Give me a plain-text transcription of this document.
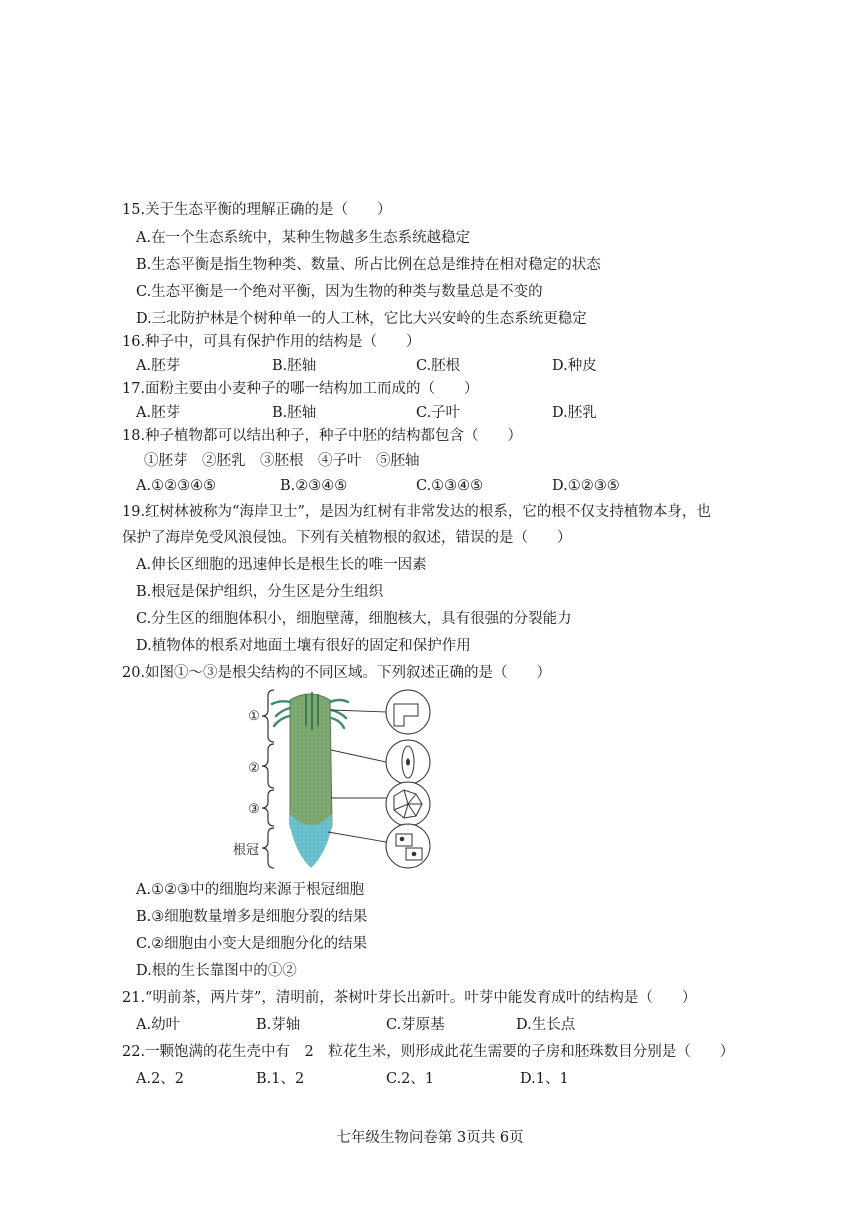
15.关于生态平衡的理解正确的是（　　）
A.在一个生态系统中，某种生物越多生态系统越稳定
B.生态平衡是指生物种类、数量、所占比例在总是维持在相对稳定的状态
C.生态平衡是一个绝对平衡，因为生物的种类与数量总是不变的
D.三北防护林是个树种单一的人工林，它比大兴安岭的生态系统更稳定
16.种子中，可具有保护作用的结构是（　　）
A.胚芽	B.胚轴	C.胚根	D.种皮
17.面粉主要由小麦种子的哪一结构加工而成的（　　）
A.胚芽	B.胚轴	C.子叶	D.胚乳
18.种子植物都可以结出种子，种子中胚的结构都包含（　　）
①胚芽　②胚乳　③胚根　④子叶　⑤胚轴
A.①②③④⑤	B.②③④⑤	C.①③④⑤	D.①②③⑤
19.红树林被称为“海岸卫士”，是因为红树有非常发达的根系，它的根不仅支持植物本身，也
保护了海岸免受风浪侵蚀。下列有关植物根的叙述，错误的是（　　）
A.伸长区细胞的迅速伸长是根生长的唯一因素
B.根冠是保护组织，分生区是分生组织
C.分生区的细胞体积小，细胞壁薄，细胞核大，具有很强的分裂能力
D.植物体的根系对地面土壤有很好的固定和保护作用
20.如图①～③是根尖结构的不同区域。下列叙述正确的是（　　）
①
②
③
根冠
A.①②③中的细胞均来源于根冠细胞
B.③细胞数量增多是细胞分裂的结果
C.②细胞由小变大是细胞分化的结果
D.根的生长靠图中的①②
21.“明前茶，两片芽”，清明前，茶树叶芽长出新叶。叶芽中能发育成叶的结构是（　　）
A.幼叶	B.芽轴	C.芽原基	D.生长点
22.一颗饱满的花生壳中有　2　粒花生米，则形成此花生需要的子房和胚珠数目分别是（　　）
A.2、2	B.1、2	C.2、1	D.1、1
七年级生物问卷第 3页共 6页
